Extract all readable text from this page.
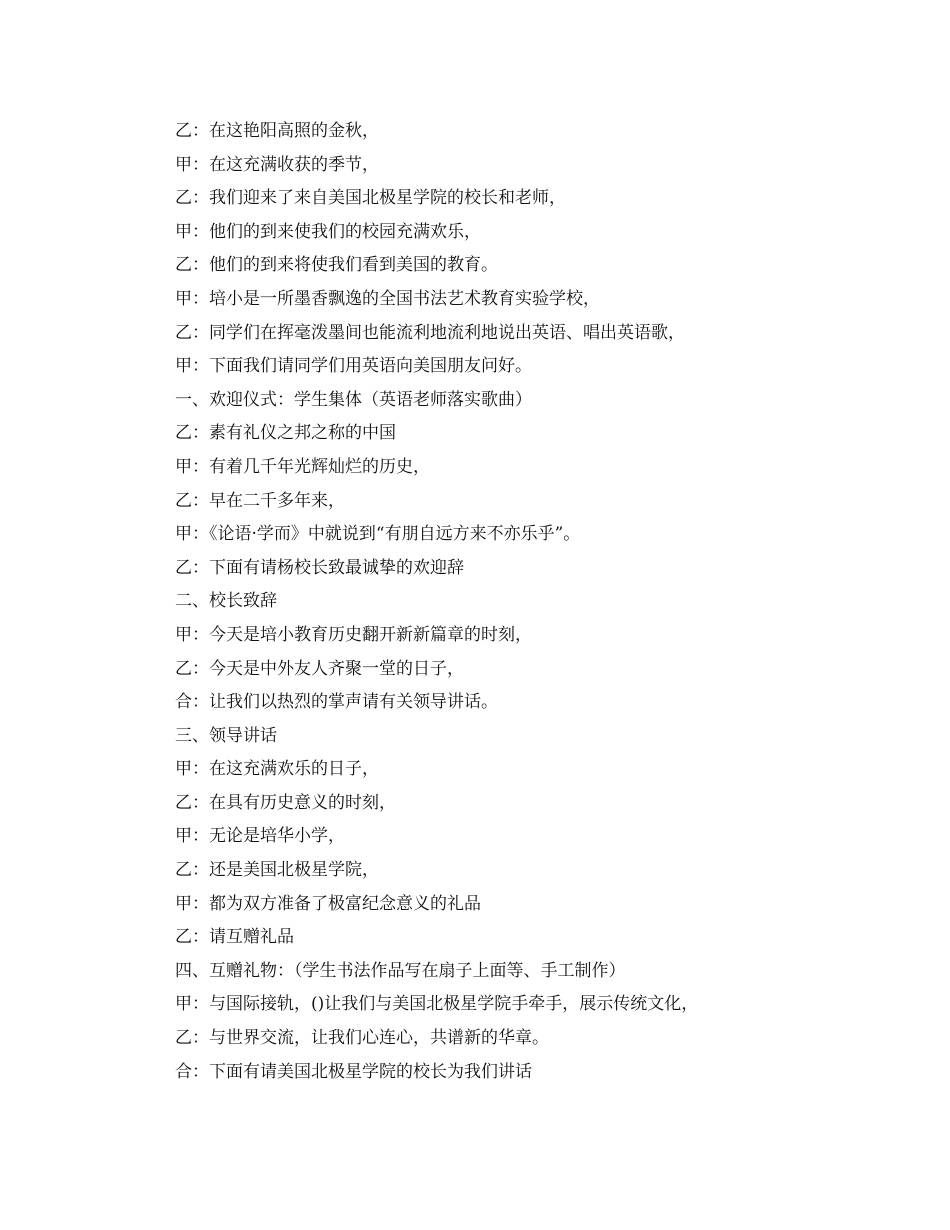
乙：在这艳阳高照的金秋，

甲：在这充满收获的季节，

乙：我们迎来了来自美国北极星学院的校长和老师，

甲：他们的到来使我们的校园充满欢乐，

乙：他们的到来将使我们看到美国的教育。

甲：培小是一所墨香飘逸的全国书法艺术教育实验学校，

乙：同学们在挥毫泼墨间也能流利地流利地说出英语、唱出英语歌，

甲：下面我们请同学们用英语向美国朋友问好。

一、欢迎仪式：学生集体（英语老师落实歌曲）

乙：素有礼仪之邦之称的中国

甲：有着几千年光辉灿烂的历史，

乙：早在二千多年来，

甲：《论语·学而》中就说到“有朋自远方来不亦乐乎”。

乙：下面有请杨校长致最诚挚的欢迎辞

二、校长致辞

甲：今天是培小教育历史翻开新新篇章的时刻，

乙：今天是中外友人齐聚一堂的日子，

合：让我们以热烈的掌声请有关领导讲话。

三、领导讲话

甲：在这充满欢乐的日子，

乙：在具有历史意义的时刻，

甲：无论是培华小学，

乙：还是美国北极星学院，

甲：都为双方准备了极富纪念意义的礼品

乙：请互赠礼品

四、互赠礼物：（学生书法作品写在扇子上面等、手工制作）

甲：与国际接轨，()让我们与美国北极星学院手牵手，展示传统文化，

乙：与世界交流，让我们心连心，共谱新的华章。

合：下面有请美国北极星学院的校长为我们讲话
